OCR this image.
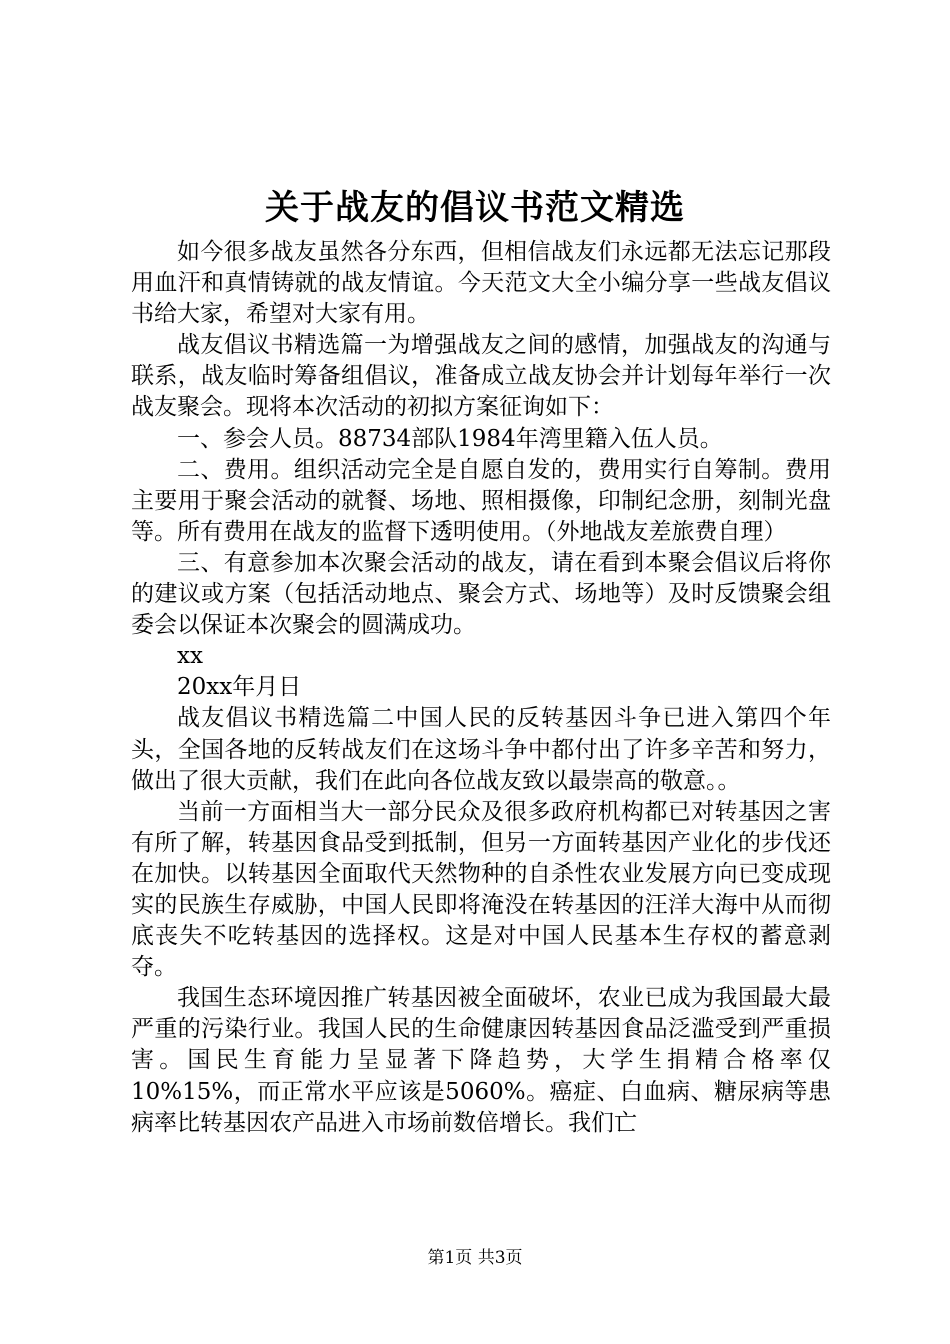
关于战友的倡议书范文精选

如今很多战友虽然各分东西，但相信战友们永远都无法忘记那段用血汗和真情铸就的战友情谊。今天范文大全小编分享一些战友倡议书给大家，希望对大家有用。

战友倡议书精选篇一为增强战友之间的感情，加强战友的沟通与联系，战友临时筹备组倡议，准备成立战友协会并计划每年举行一次战友聚会。现将本次活动的初拟方案征询如下：

一、参会人员。88734部队1984年湾里籍入伍人员。

二、费用。组织活动完全是自愿自发的，费用实行自筹制。费用主要用于聚会活动的就餐、场地、照相摄像，印制纪念册，刻制光盘等。所有费用在战友的监督下透明使用。（外地战友差旅费自理）

三、有意参加本次聚会活动的战友，请在看到本聚会倡议后将你的建议或方案（包括活动地点、聚会方式、场地等）及时反馈聚会组委会以保证本次聚会的圆满成功。

xx

20xx年月日

战友倡议书精选篇二中国人民的反转基因斗争已进入第四个年头，全国各地的反转战友们在这场斗争中都付出了许多辛苦和努力，做出了很大贡献，我们在此向各位战友致以最崇高的敬意。。

当前一方面相当大一部分民众及很多政府机构都已对转基因之害有所了解，转基因食品受到抵制，但另一方面转基因产业化的步伐还在加快。以转基因全面取代天然物种的自杀性农业发展方向已变成现实的民族生存威胁，中国人民即将淹没在转基因的汪洋大海中从而彻底丧失不吃转基因的选择权。这是对中国人民基本生存权的蓄意剥夺。

我国生态环境因推广转基因被全面破坏，农业已成为我国最大最严重的污染行业。我国人民的生命健康因转基因食品泛滥受到严重损害。国民生育能力呈显著下降趋势，大学生捐精合格率仅10%15%，而正常水平应该是5060%。癌症、白血病、糖尿病等患病率比转基因农产品进入市场前数倍增长。我们亡

第1页 共3页
